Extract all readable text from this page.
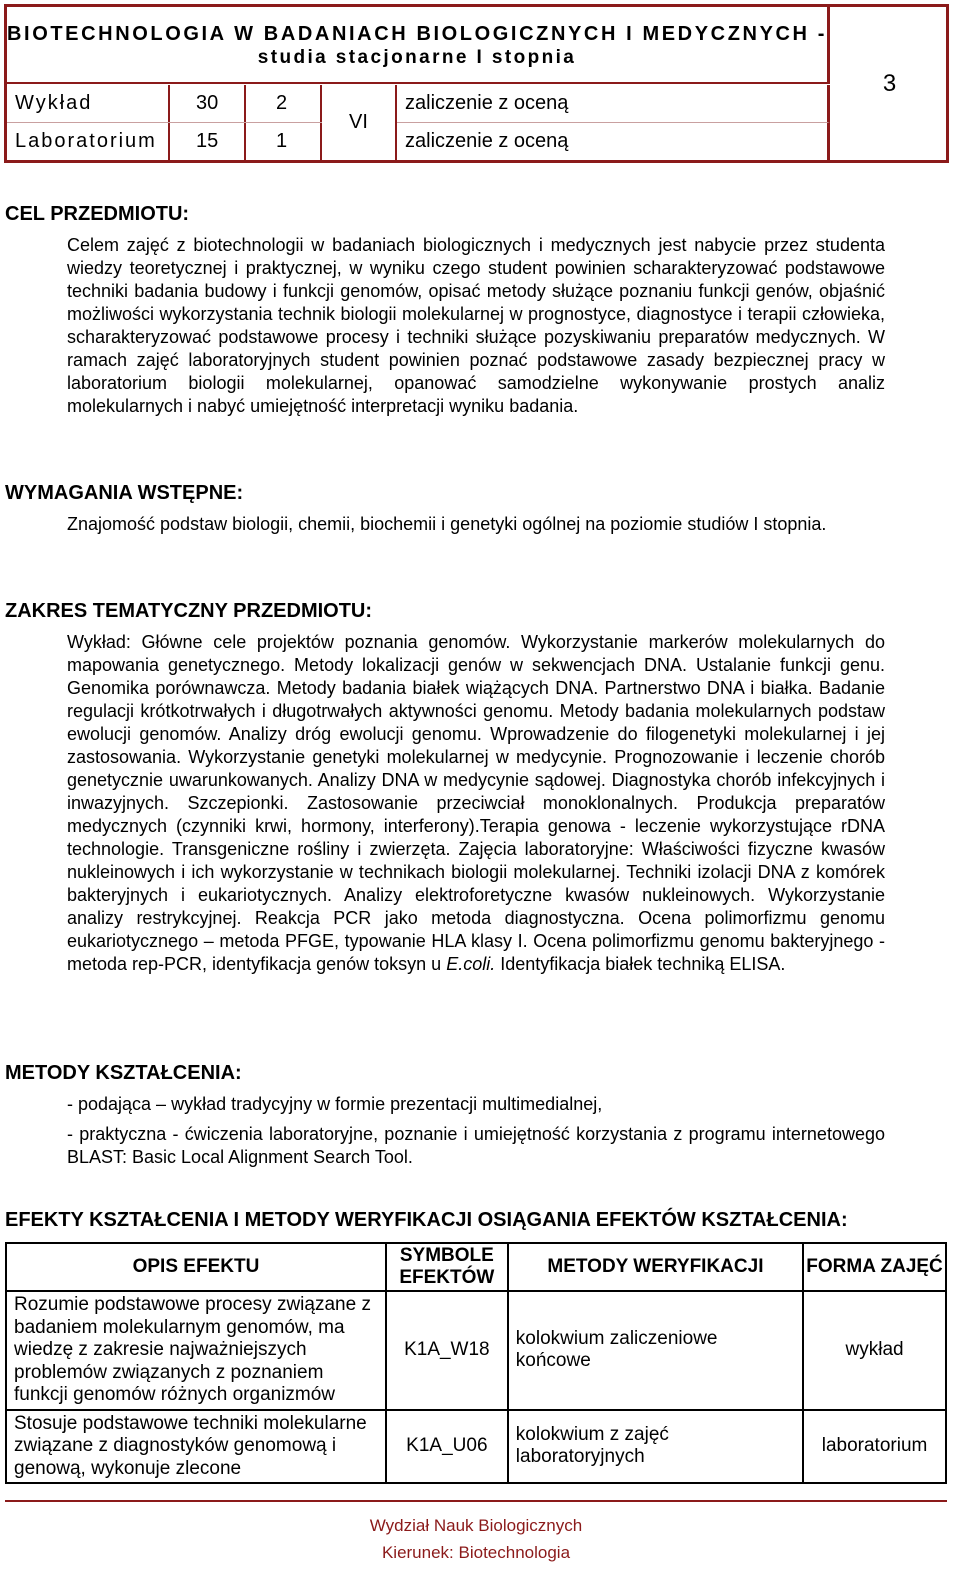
BIOTECHNOLOGIA W BADANIACH BIOLOGICZNYCH I MEDYCZNYCH -
studia stacjonarne I stopnia
3
Wykład	30	2	zaliczenie z oceną
Laboratorium	15	1	zaliczenie z oceną
VI
CEL PRZEDMIOTU:
Celem zajęć z biotechnologii w badaniach biologicznych i medycznych jest nabycie przez studenta wiedzy teoretycznej i praktycznej, w wyniku czego student powinien scharakteryzować podstawowe techniki badania budowy i funkcji genomów, opisać metody służące poznaniu funkcji genów, objaśnić możliwości wykorzystania technik biologii molekularnej w prognostyce, diagnostyce i terapii człowieka, scharakteryzować podstawowe procesy i techniki służące pozyskiwaniu preparatów medycznych. W ramach zajęć laboratoryjnych student powinien poznać podstawowe zasady bezpiecznej pracy w laboratorium biologii molekularnej, opanować samodzielne wykonywanie prostych analiz molekularnych i nabyć umiejętność interpretacji wyniku badania.
WYMAGANIA WSTĘPNE:
Znajomość podstaw biologii, chemii, biochemii i genetyki ogólnej na poziomie studiów I stopnia.
ZAKRES TEMATYCZNY PRZEDMIOTU:
Wykład: Główne cele projektów poznania genomów. Wykorzystanie markerów molekularnych do mapowania genetycznego. Metody lokalizacji genów w sekwencjach DNA. Ustalanie funkcji genu. Genomika porównawcza. Metody badania białek wiążących DNA. Partnerstwo DNA i białka. Badanie regulacji krótkotrwałych i długotrwałych aktywności genomu. Metody badania molekularnych podstaw ewolucji genomów. Analizy dróg ewolucji genomu. Wprowadzenie do filogenetyki molekularnej i jej zastosowania. Wykorzystanie genetyki molekularnej w medycynie. Prognozowanie i leczenie chorób genetycznie uwarunkowanych. Analizy DNA w medycynie sądowej. Diagnostyka chorób infekcyjnych i inwazyjnych. Szczepionki. Zastosowanie przeciwciał monoklonalnych. Produkcja preparatów medycznych (czynniki krwi, hormony, interferony).Terapia genowa - leczenie wykorzystujące rDNA technologie. Transgeniczne rośliny i zwierzęta. Zajęcia laboratoryjne: Właściwości fizyczne kwasów nukleinowych i ich wykorzystanie w technikach biologii molekularnej. Techniki izolacji DNA z komórek bakteryjnych i eukariotycznych. Analizy elektroforetyczne kwasów nukleinowych. Wykorzystanie analizy restrykcyjnej. Reakcja PCR jako metoda diagnostyczna. Ocena polimorfizmu genomu eukariotycznego – metoda PFGE, typowanie HLA klasy I. Ocena polimorfizmu genomu bakteryjnego - metoda rep-PCR, identyfikacja genów toksyn u E.coli. Identyfikacja białek techniką ELISA.
METODY KSZTAŁCENIA:
- podająca – wykład tradycyjny w formie prezentacji multimedialnej,
- praktyczna - ćwiczenia laboratoryjne, poznanie i umiejętność korzystania z programu internetowego BLAST: Basic Local Alignment Search Tool.
EFEKTY KSZTAŁCENIA I METODY WERYFIKACJI OSIĄGANIA EFEKTÓW KSZTAŁCENIA:
OPIS EFEKTU	SYMBOLE EFEKTÓW	METODY WERYFIKACJI	FORMA ZAJĘĆ
Rozumie podstawowe procesy związane z badaniem molekularnym genomów, ma wiedzę z zakresie najważniejszych problemów związanych z poznaniem funkcji genomów różnych organizmów	K1A_W18	kolokwium zaliczeniowe końcowe	wykład
Stosuje podstawowe techniki molekularne związane z diagnostyków genomową i genową, wykonuje zlecone	K1A_U06	kolokwium z zajęć laboratoryjnych	laboratorium
Wydział Nauk Biologicznych
Kierunek: Biotechnologia
